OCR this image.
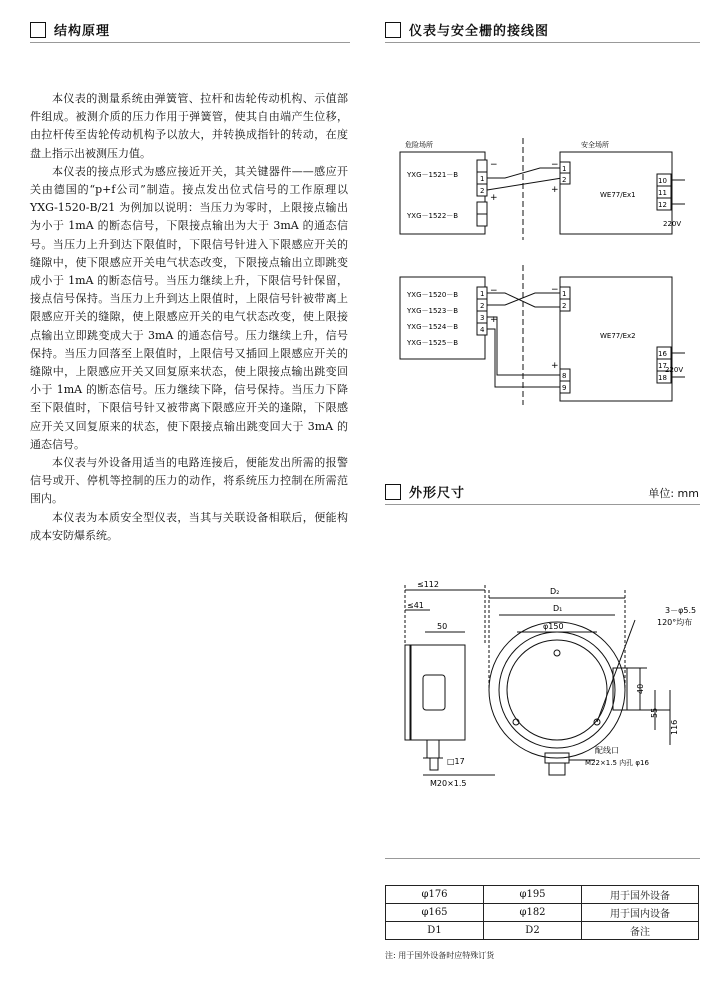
结构原理	仪表与安全栅的接线图
外形尺寸	单位: mm

本仪表的测量系统由弹簧管、拉杆和齿轮传动机构、示值部件组成。被测介质的压力作用于弹簧管，使其自由端产生位移，由拉杆传至齿轮传动机构予以放大，并转换成指针的转动，在度盘上指示出被测压力值。

本仪表的接点形式为感应接近开关，其关键器件——感应开关由德国的“p+f公司”制造。接点发出位式信号的工作原理以 YXG-1520-B/21 为例加以说明：当压力为零时，上限接点输出为小于 1mA 的断态信号，下限接点输出为大于 3mA 的通态信号。当压力上升到达下限值时，下限信号针进入下限感应开关的缝隙中，使下限感应开关电气状态改变，下限接点输出立即跳变成小于 1mA 的断态信号。当压力继续上升，下限信号针保留，接点信号保持。当压力上升到达上限值时，上限信号针被带离上限感应开关的缝隙，使上限感应开关的电气状态改变，使上限接点输出立即跳变成大于 3mA 的通态信号。压力继续上升，信号保持。当压力回落至上限值时，上限信号又插回上限感应开关的缝隙中，上限感应开关又回复原来状态，使上限接点输出跳变回小于 1mA 的断态信号。压力继续下降，信号保持。当压力下降至下限值时，下限信号针又被带离下限感应开关的逢隙，下限感应开关又回复原来的状态，使下限接点输出跳变回大于 3mA 的通态信号。

本仪表与外设备用适当的电路连接后，便能发出所需的报警信号或开、停机等控制的压力的动作，将系统压力控制在所需范围内。

本仪表为本质安全型仪表，当其与关联设备相联后，便能构成本安防爆系统。

危险场所	安全场所
YXG－1521－B
YXG－1522－B
1
2
−
+
1
2
−
+	WE77/Ex1
10
11
12
220V
YXG－1520－B
YXG－1523－B
YXG－1524－B
YXG－1525－B
1
2
3
4
−
+
1
2
8
9
−
+
WE77/Ex2
16
17
18
220V
≤112
≤41
50
D₂
D₁
φ150
3－φ5.5
120°均布
40
55
116
□17
M20×1.5
配线口
M22×1.5 内孔 φ16
φ176	φ195	用于国外设备
φ165	φ182	用于国内设备
D1	D2	备注
注: 用于国外设备时应特殊订货
